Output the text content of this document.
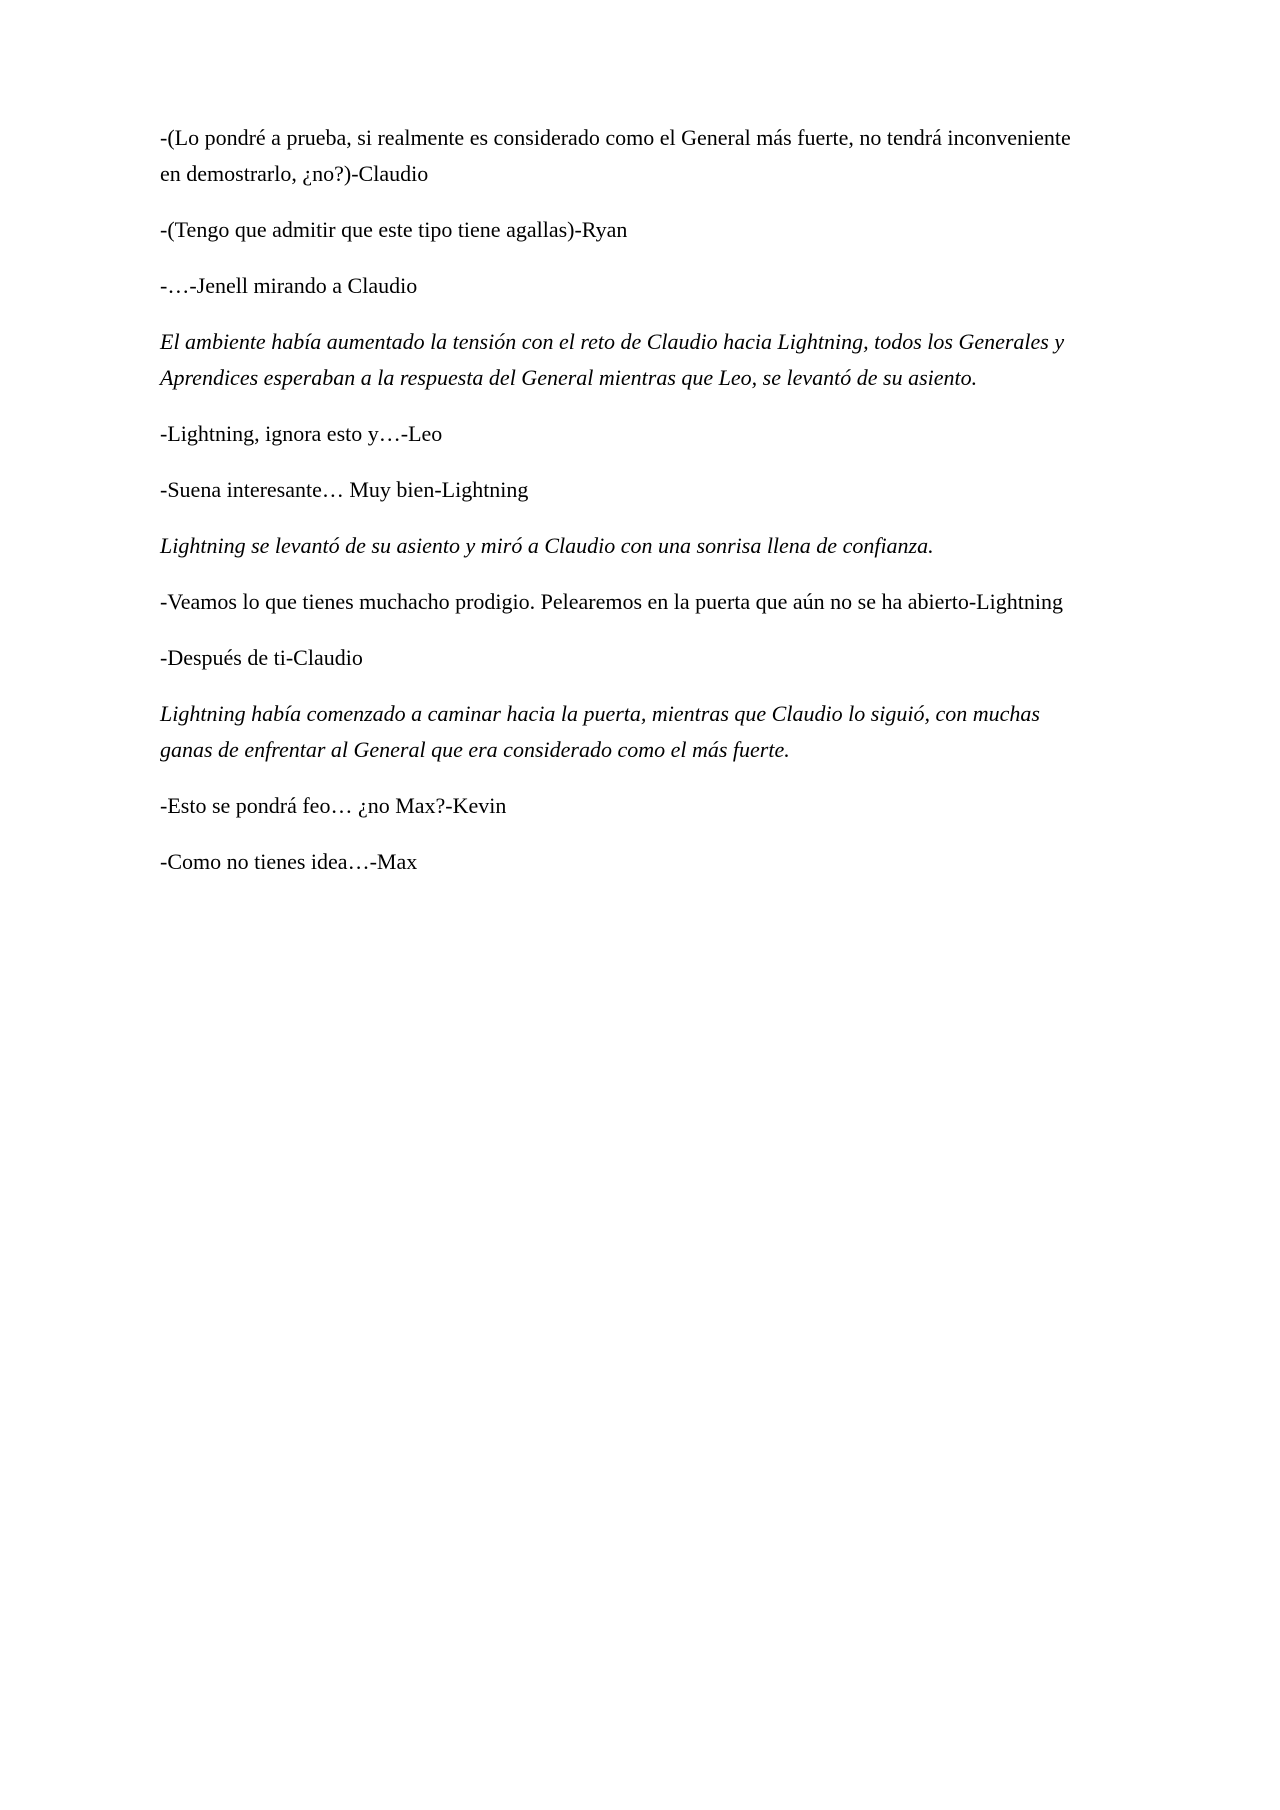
-(Lo pondré a prueba, si realmente es considerado como el General más fuerte, no tendrá inconveniente en demostrarlo, ¿no?)-Claudio

-(Tengo que admitir que este tipo tiene agallas)-Ryan

-…-Jenell mirando a Claudio

El ambiente había aumentado la tensión con el reto de Claudio hacia Lightning, todos los Generales y Aprendices esperaban a la respuesta del General mientras que Leo, se levantó de su asiento.

-Lightning, ignora esto y…-Leo

-Suena interesante… Muy bien-Lightning

Lightning se levantó de su asiento y miró a Claudio con una sonrisa llena de confianza.

-Veamos lo que tienes muchacho prodigio. Pelearemos en la puerta que aún no se ha abierto-Lightning

-Después de ti-Claudio

Lightning había comenzado a caminar hacia la puerta, mientras que Claudio lo siguió, con muchas ganas de enfrentar al General que era considerado como el más fuerte.

-Esto se pondrá feo… ¿no Max?-Kevin

-Como no tienes idea…-Max
